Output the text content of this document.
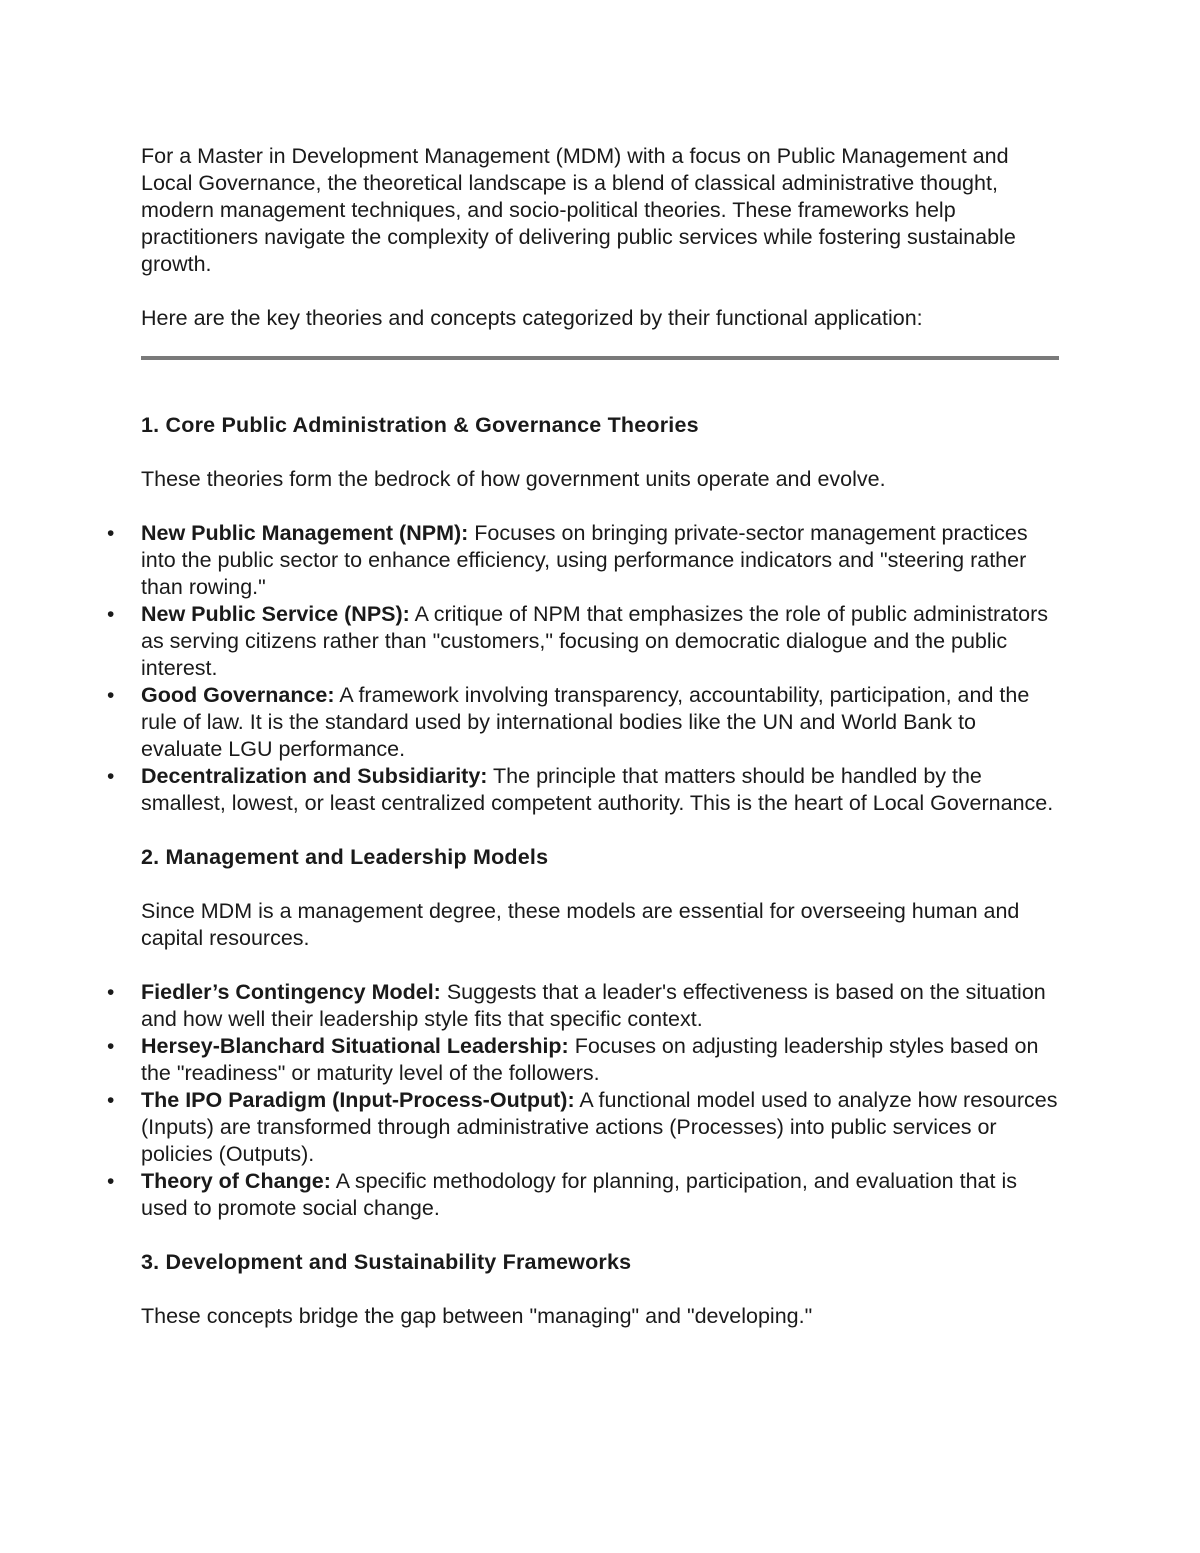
For a Master in Development Management (MDM) with a focus on Public Management and Local Governance, the theoretical landscape is a blend of classical administrative thought, modern management techniques, and socio-political theories. These frameworks help practitioners navigate the complexity of delivering public services while fostering sustainable growth.

Here are the key theories and concepts categorized by their functional application:

1. Core Public Administration & Governance Theories

These theories form the bedrock of how government units operate and evolve.

• New Public Management (NPM): Focuses on bringing private-sector management practices into the public sector to enhance efficiency, using performance indicators and "steering rather than rowing."
• New Public Service (NPS): A critique of NPM that emphasizes the role of public administrators as serving citizens rather than "customers," focusing on democratic dialogue and the public interest.
• Good Governance: A framework involving transparency, accountability, participation, and the rule of law. It is the standard used by international bodies like the UN and World Bank to evaluate LGU performance.
• Decentralization and Subsidiarity: The principle that matters should be handled by the smallest, lowest, or least centralized competent authority. This is the heart of Local Governance.
2. Management and Leadership Models

Since MDM is a management degree, these models are essential for overseeing human and capital resources.

• Fiedler’s Contingency Model: Suggests that a leader's effectiveness is based on the situation and how well their leadership style fits that specific context.
• Hersey-Blanchard Situational Leadership: Focuses on adjusting leadership styles based on the "readiness" or maturity level of the followers.
• The IPO Paradigm (Input-Process-Output): A functional model used to analyze how resources (Inputs) are transformed through administrative actions (Processes) into public services or policies (Outputs).
• Theory of Change: A specific methodology for planning, participation, and evaluation that is used to promote social change.
3. Development and Sustainability Frameworks

These concepts bridge the gap between "managing" and "developing."
